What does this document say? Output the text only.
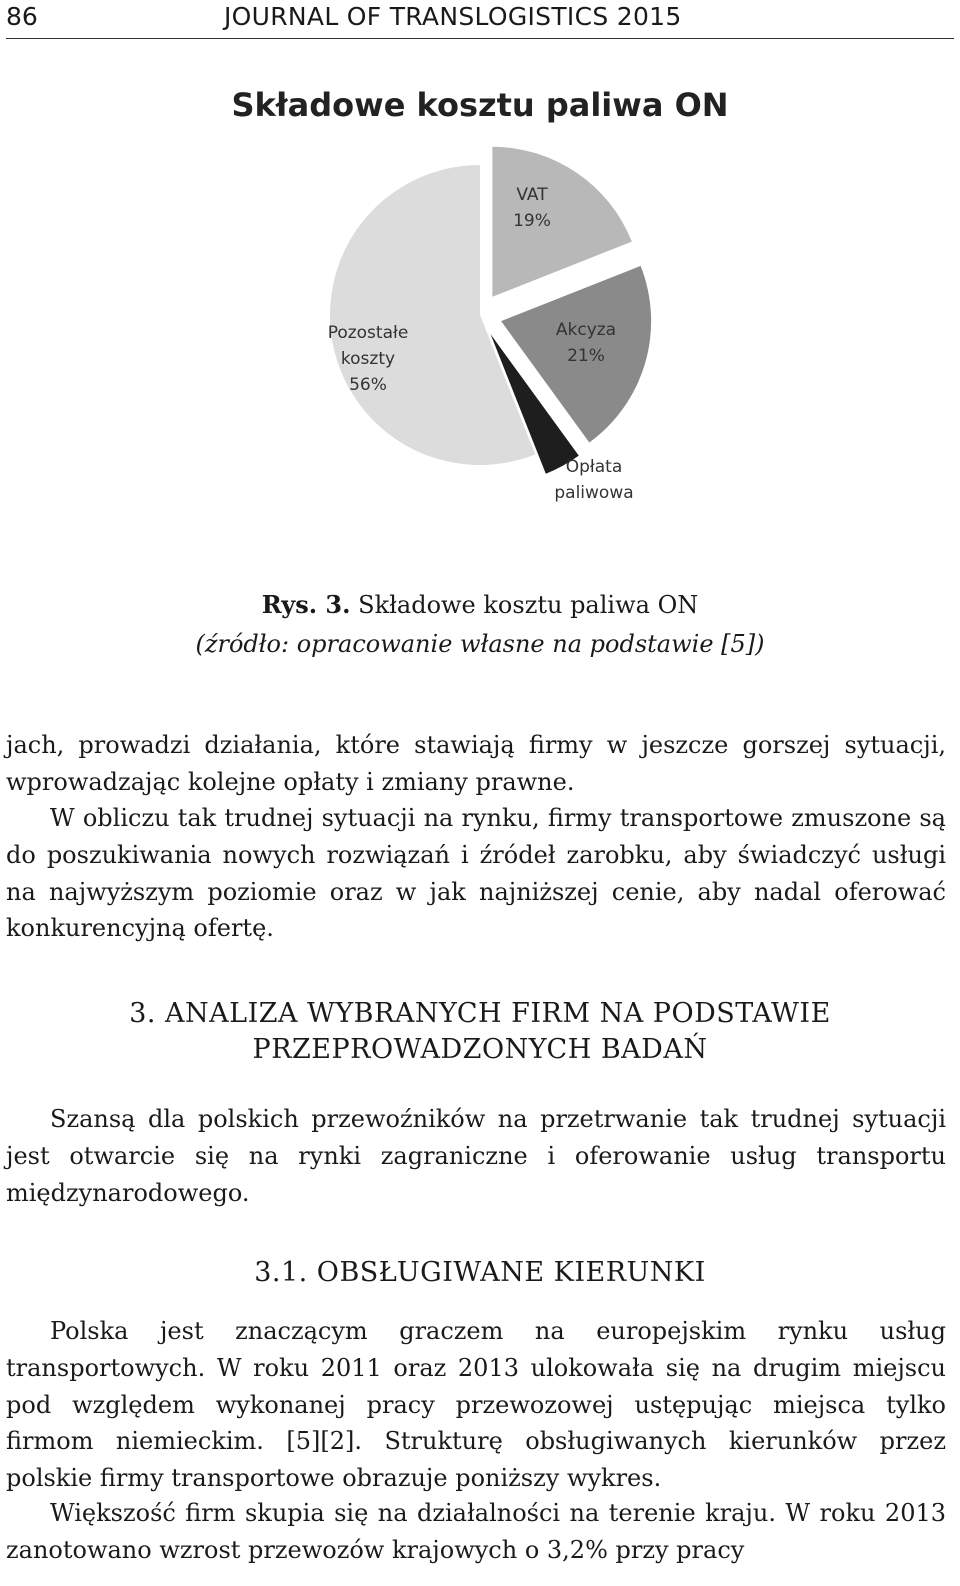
86	JOURNAL OF TRANSLOGISTICS 2015
Składowe kosztu paliwa ON
VAT 19%
Akcyza 21%
Opłata paliwowa
Pozostałe koszty 56%
Rys. 3. Składowe kosztu paliwa ON
(źródło: opracowanie własne na podstawie [5])

jach, prowadzi działania, które stawiają firmy w jeszcze gorszej sytuacji, wprowadzając kolejne opłaty i zmiany prawne.

W obliczu tak trudnej sytuacji na rynku, firmy transportowe zmuszone są do poszukiwania nowych rozwiązań i źródeł zarobku, aby świadczyć usługi na najwyższym poziomie oraz w jak najniższej cenie, aby nadal oferować konkurencyjną ofertę.

3. ANALIZA WYBRANYCH FIRM NA PODSTAWIE
PRZEPROWADZONYCH BADAŃ

Szansą dla polskich przewoźników na przetrwanie tak trudnej sytuacji jest otwarcie się na rynki zagraniczne i oferowanie usług transportu międzynarodowego.

3.1. OBSŁUGIWANE KIERUNKI

Polska jest znaczącym graczem na europejskim rynku usług transportowych. W roku 2011 oraz 2013 ulokowała się na drugim miejscu pod względem wykonanej pracy przewozowej ustępując miejsca tylko firmom niemieckim. [5][2]. Strukturę obsługiwanych kierunków przez polskie firmy transportowe obrazuje poniższy wykres.

Większość firm skupia się na działalności na terenie kraju. W roku 2013 zanotowano wzrost przewozów krajowych o 3,2% przy pracy
